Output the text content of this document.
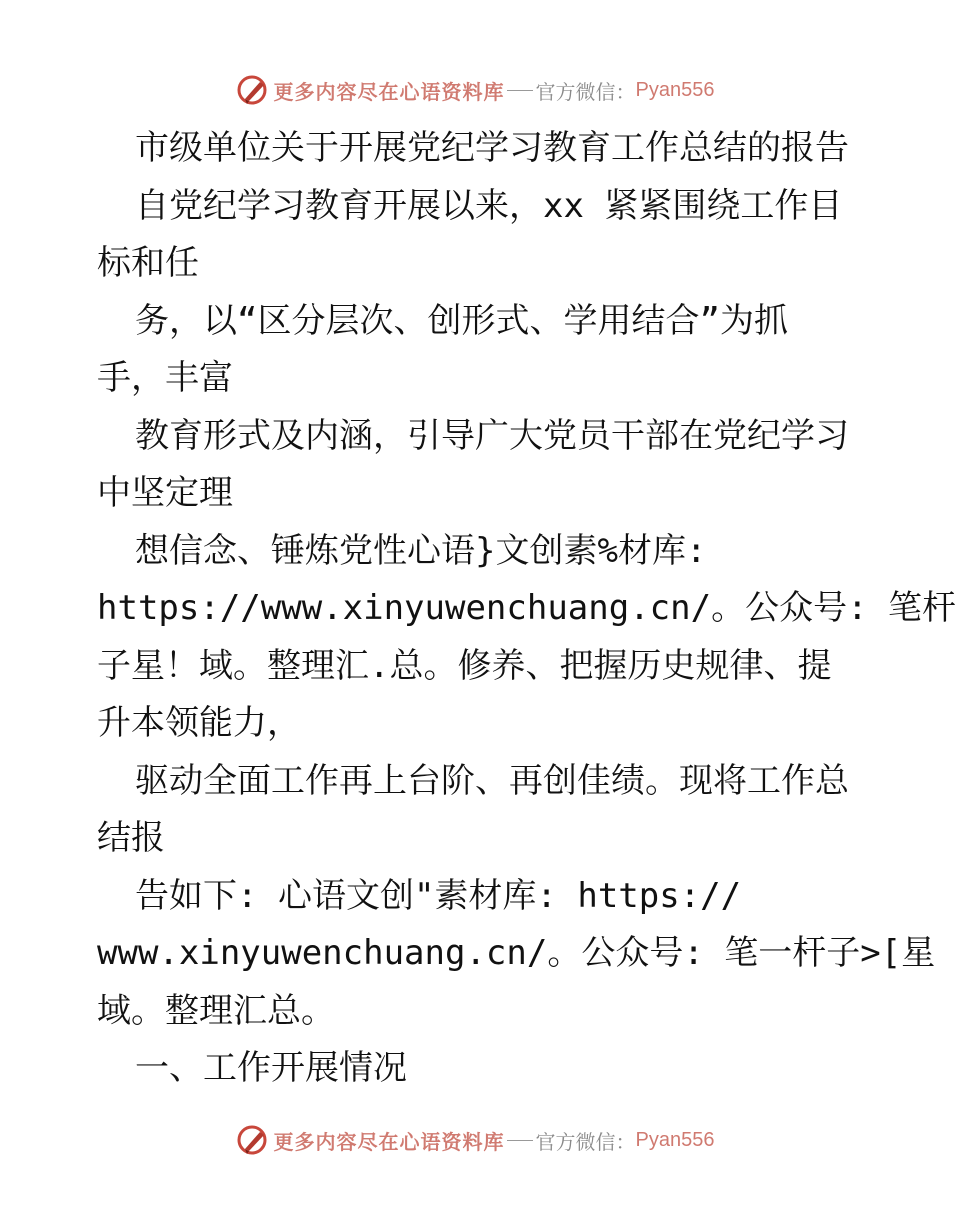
更多内容尽在心语资料库 官方微信： Pyan556
市级单位关于开展党纪学习教育工作总结的报告
自党纪学习教育开展以来，xx 紧紧围绕工作目
标和任
务，以“区分层次、创形式、学用结合”为抓
手，丰富
教育形式及内涵，引导广大党员干部在党纪学习
中坚定理
想信念、锤炼党性心语}文创素%材库:
https://www.xinyuwenchuang.cn/。公众号: 笔杆
子星！域。整理汇.总。修养、把握历史规律、提
升本领能力，
驱动全面工作再上台阶、再创佳绩。现将工作总
结报
告如下: 心语文创"素材库: https://
www.xinyuwenchuang.cn/。公众号: 笔一杆子>[星
域。整理汇总。
一、工作开展情况
更多内容尽在心语资料库 官方微信： Pyan556
